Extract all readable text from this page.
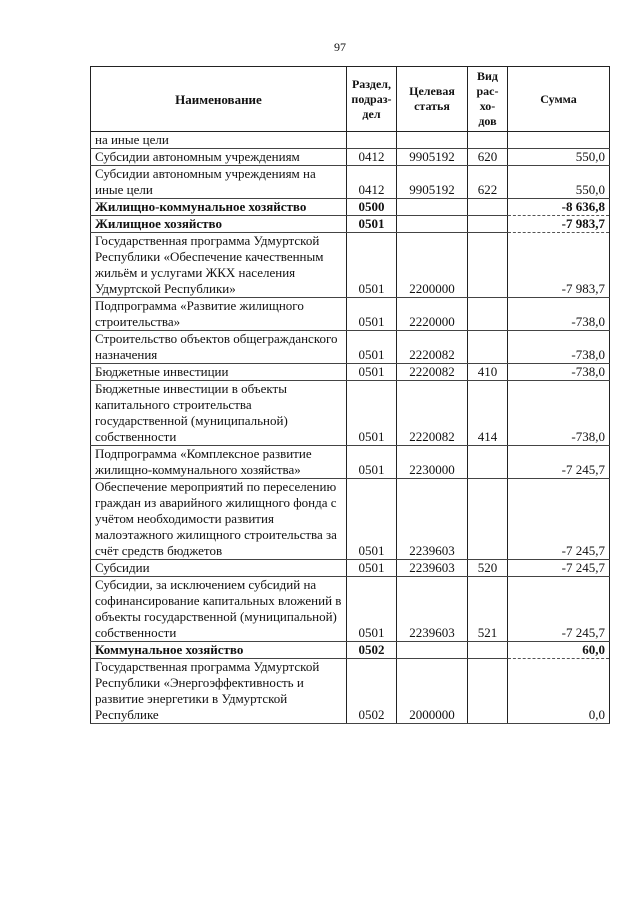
97
Наименование	Раздел, подраз- дел	Целевая статья	Вид рас- хо- дов	Сумма
на иные цели				
Субсидии автономным учреждениям	0412	9905192	620	550,0
Субсидии автономным учреждениям на иные цели	0412	9905192	622	550,0
Жилищно-коммунальное хозяйство	0500			-8 636,8
Жилищное хозяйство	0501			-7 983,7
Государственная программа Удмуртской Республики «Обеспечение качественным жильём и услугами ЖКХ населения Удмуртской Республики»	0501	2200000		-7 983,7
Подпрограмма «Развитие жилищного строительства»	0501	2220000		-738,0
Строительство объектов общегражданского назначения	0501	2220082		-738,0
Бюджетные инвестиции	0501	2220082	410	-738,0
Бюджетные инвестиции в объекты капитального строительства государственной (муниципальной) собственности	0501	2220082	414	-738,0
Подпрограмма «Комплексное развитие жилищно-коммунального хозяйства»	0501	2230000		-7 245,7
Обеспечение мероприятий по переселению граждан из аварийного жилищного фонда с учётом необходимости развития малоэтажного жилищного строительства за счёт средств бюджетов	0501	2239603		-7 245,7
Субсидии	0501	2239603	520	-7 245,7
Субсидии, за исключением субсидий на софинансирование капитальных вложений в объекты государственной (муниципальной) собственности	0501	2239603	521	-7 245,7
Коммунальное хозяйство	0502			60,0
Государственная программа Удмуртской Республики «Энергоэффективность и развитие энергетики в Удмуртской Республике	0502	2000000		0,0
